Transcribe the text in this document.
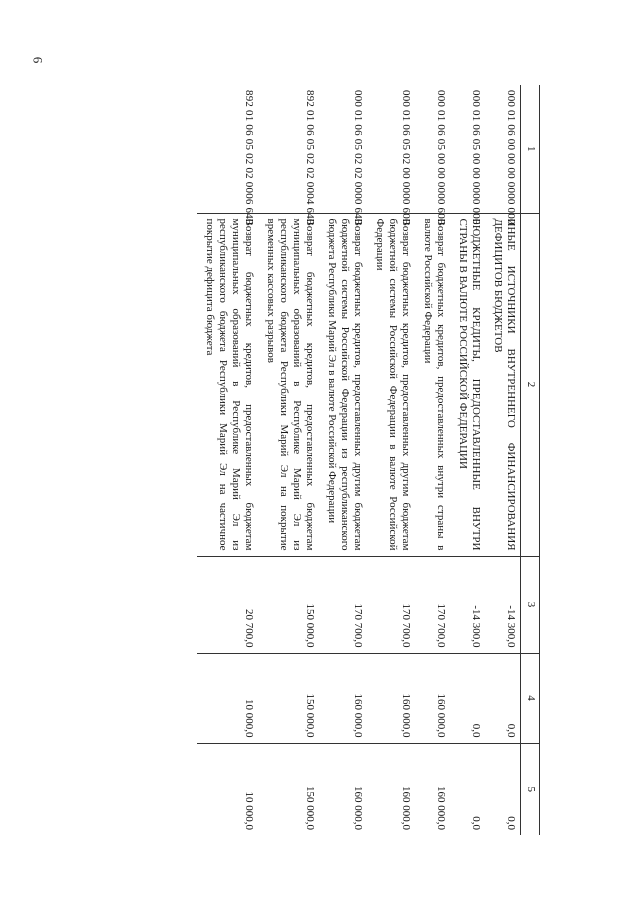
6
1	2	3	4	5
000 01 06 00 00 00 0000 000	ИНЫЕ ИСТОЧНИКИ ВНУТРЕННЕГО ФИНАНСИРОВАНИЯ ДЕФИЦИТОВ БЮДЖЕТОВ	-14 300,0	0,0	0,0
000 01 06 05 00 00 0000 000	БЮДЖЕТНЫЕ КРЕДИТЫ, ПРЕДОСТАВЛЕННЫЕ ВНУТРИ СТРАНЫ В ВАЛЮТЕ РОССИЙСКОЙ ФЕДЕРАЦИИ	-14 300,0	0,0	0,0
000 01 06 05 00 00 0000 600	Возврат бюджетных кредитов, предоставленных внутри страны в валюте Российской Федерации	170 700,0	160 000,0	160 000,0
000 01 06 05 02 00 0000 600	Возврат бюджетных кредитов, предоставленных другим бюджетам бюджетной системы Российской Федерации в валюте Российской Федерации	170 700,0	160 000,0	160 000,0
000 01 06 05 02 02 0000 640	Возврат бюджетных кредитов, предоставленных другим бюджетам бюджетной системы Российской Федерации из республиканского бюджета Республики Марий Эл в валюте Российской Федерации	170 700,0	160 000,0	160 000,0
892 01 06 05 02 02 0004 640	Возврат бюджетных кредитов, предоставленных бюджетам муниципальных образований в Республике Марий Эл из республиканского бюджета Республики Марий Эл на покрытие временных кассовых разрывов	150 000,0	150 000,0	150 000,0
892 01 06 05 02 02 0006 640	Возврат бюджетных кредитов, предоставленных бюджетам муниципальных образований в Республике Марий Эл из республиканского бюджета Республики Марий Эл на частичное покрытие дефицита бюджета	20 700,0	10 000,0	10 000,0
